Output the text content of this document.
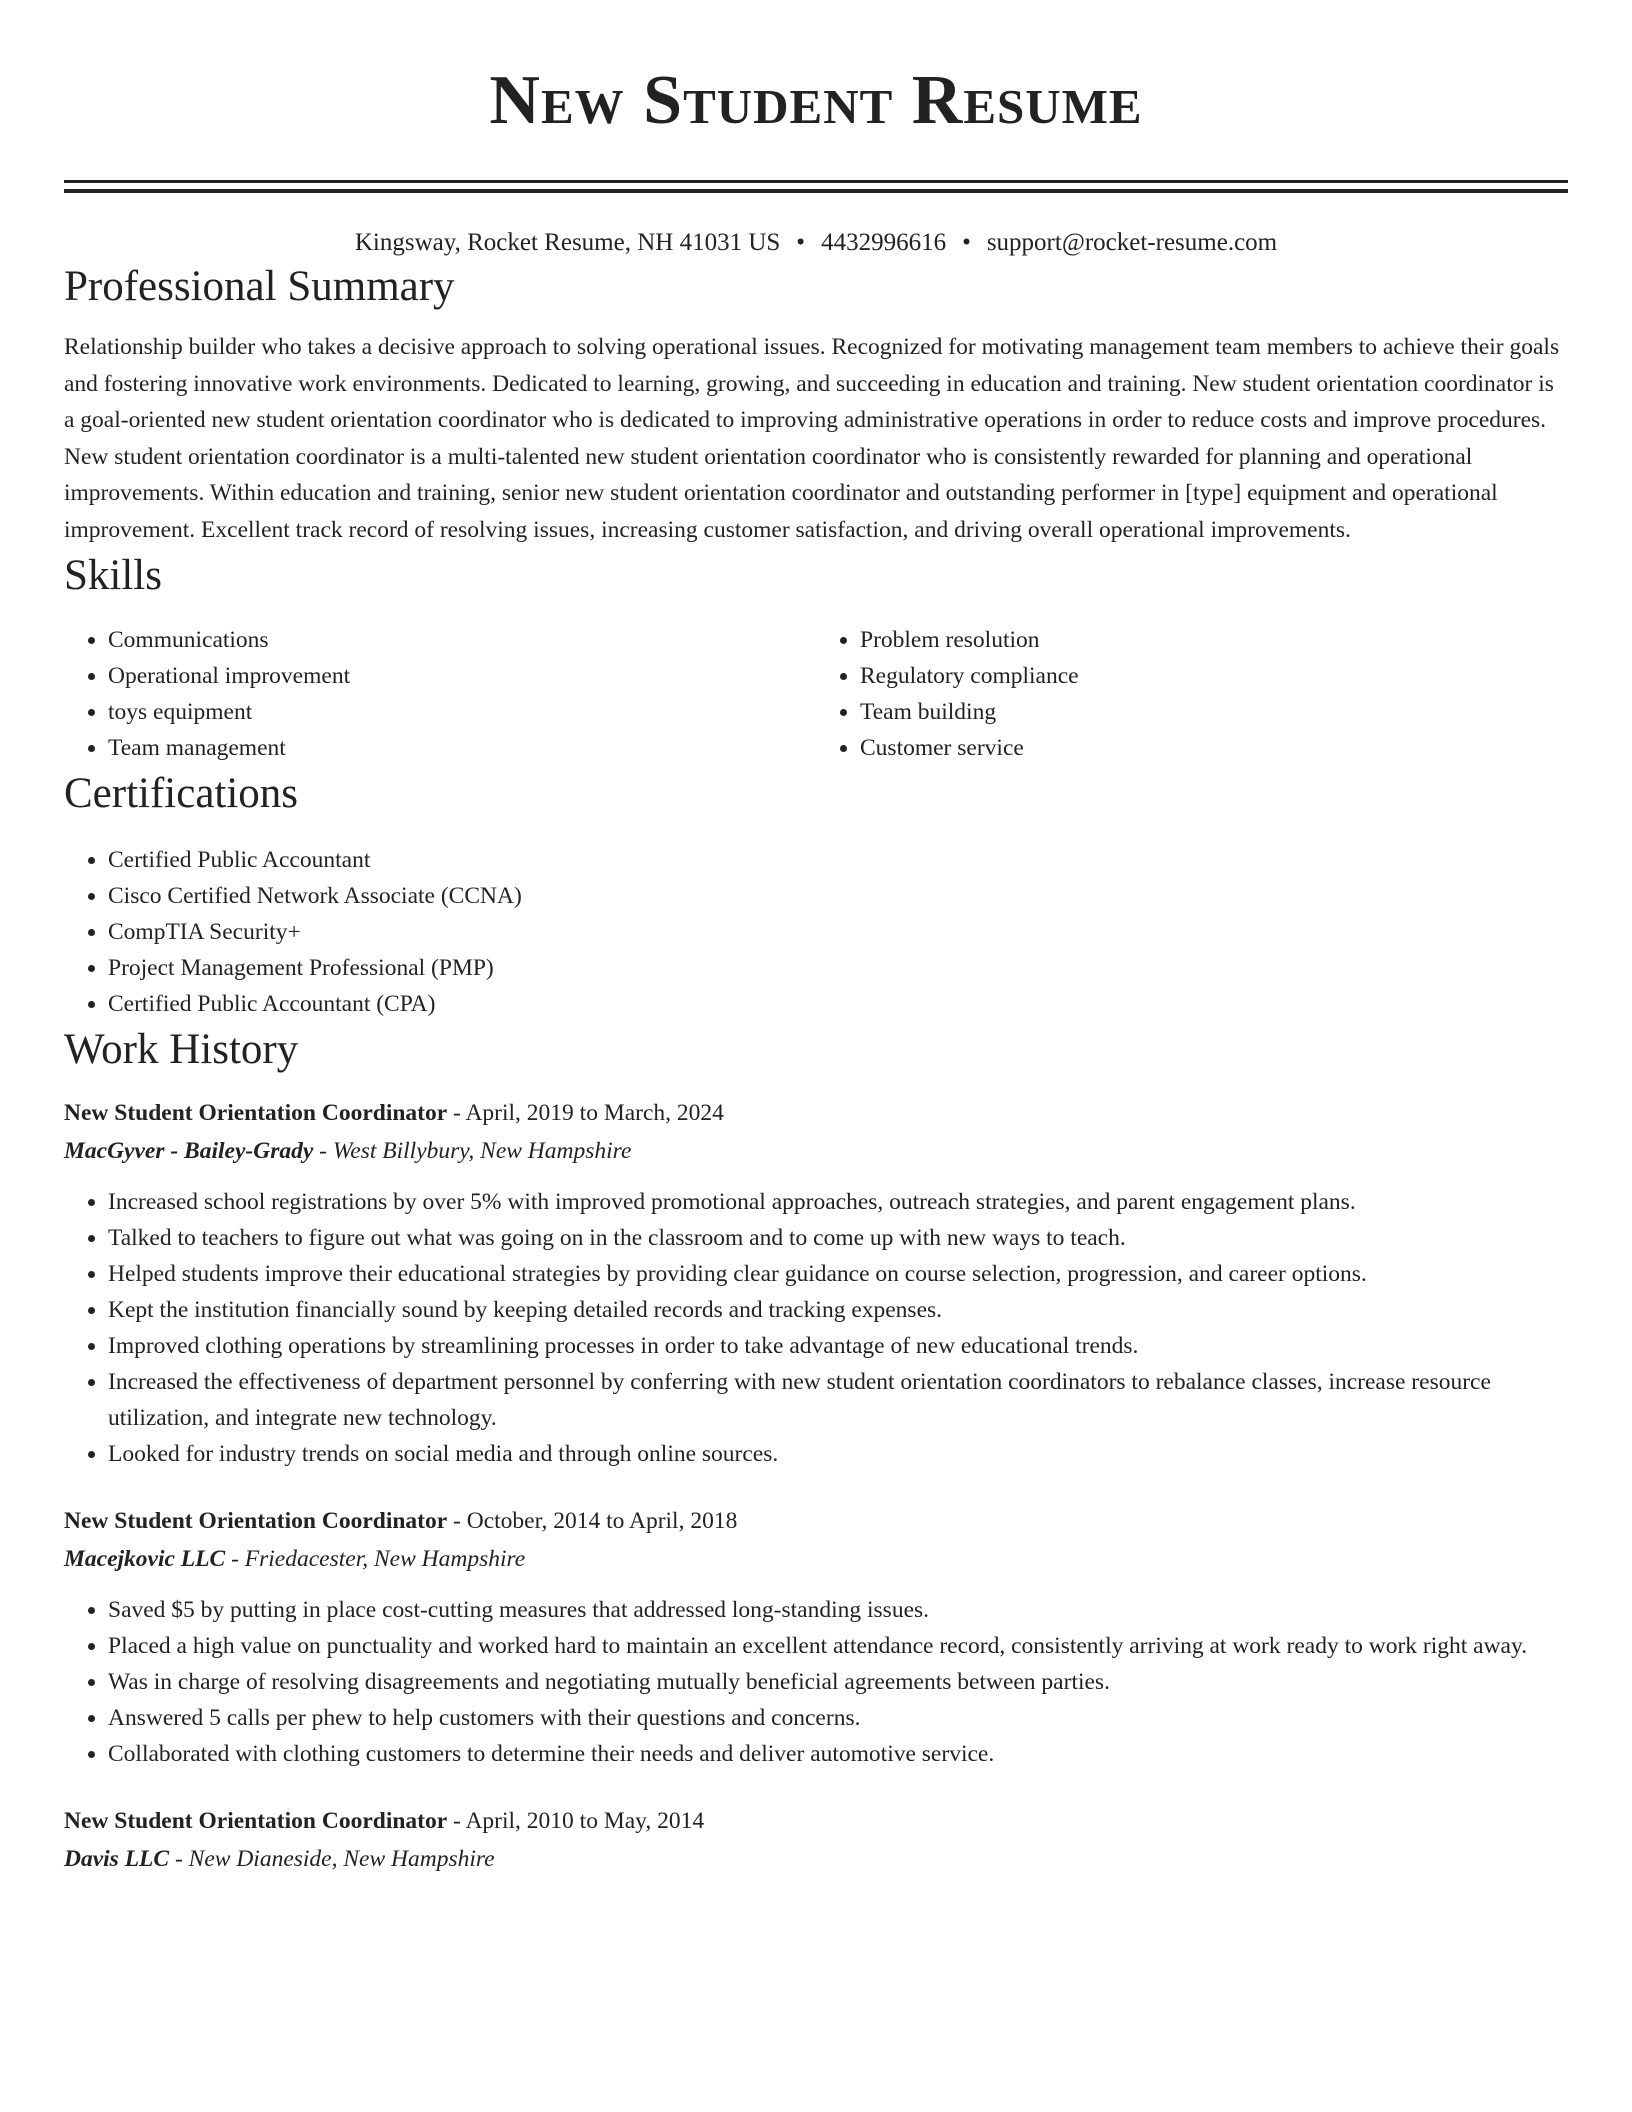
New Student Resume
Kingsway, Rocket Resume, NH 41031 US • 4432996616 • support@rocket-resume.com
Professional Summary
Relationship builder who takes a decisive approach to solving operational issues. Recognized for motivating management team members to achieve their goals and fostering innovative work environments. Dedicated to learning, growing, and succeeding in education and training. New student orientation coordinator is a goal-oriented new student orientation coordinator who is dedicated to improving administrative operations in order to reduce costs and improve procedures. New student orientation coordinator is a multi-talented new student orientation coordinator who is consistently rewarded for planning and operational improvements. Within education and training, senior new student orientation coordinator and outstanding performer in [type] equipment and operational improvement. Excellent track record of resolving issues, increasing customer satisfaction, and driving overall operational improvements.
Skills
• Communications
• Operational improvement
• toys equipment
• Team management
• Problem resolution
• Regulatory compliance
• Team building
• Customer service
Certifications
• Certified Public Accountant
• Cisco Certified Network Associate (CCNA)
• CompTIA Security+
• Project Management Professional (PMP)
• Certified Public Accountant (CPA)
Work History
New Student Orientation Coordinator - April, 2019 to March, 2024
MacGyver - Bailey-Grady - West Billybury, New Hampshire
• Increased school registrations by over 5% with improved promotional approaches, outreach strategies, and parent engagement plans.
• Talked to teachers to figure out what was going on in the classroom and to come up with new ways to teach.
• Helped students improve their educational strategies by providing clear guidance on course selection, progression, and career options.
• Kept the institution financially sound by keeping detailed records and tracking expenses.
• Improved clothing operations by streamlining processes in order to take advantage of new educational trends.
• Increased the effectiveness of department personnel by conferring with new student orientation coordinators to rebalance classes, increase resource utilization, and integrate new technology.
• Looked for industry trends on social media and through online sources.
New Student Orientation Coordinator - October, 2014 to April, 2018
Macejkovic LLC - Friedacester, New Hampshire
• Saved $5 by putting in place cost-cutting measures that addressed long-standing issues.
• Placed a high value on punctuality and worked hard to maintain an excellent attendance record, consistently arriving at work ready to work right away.
• Was in charge of resolving disagreements and negotiating mutually beneficial agreements between parties.
• Answered 5 calls per phew to help customers with their questions and concerns.
• Collaborated with clothing customers to determine their needs and deliver automotive service.
New Student Orientation Coordinator - April, 2010 to May, 2014
Davis LLC - New Dianeside, New Hampshire
